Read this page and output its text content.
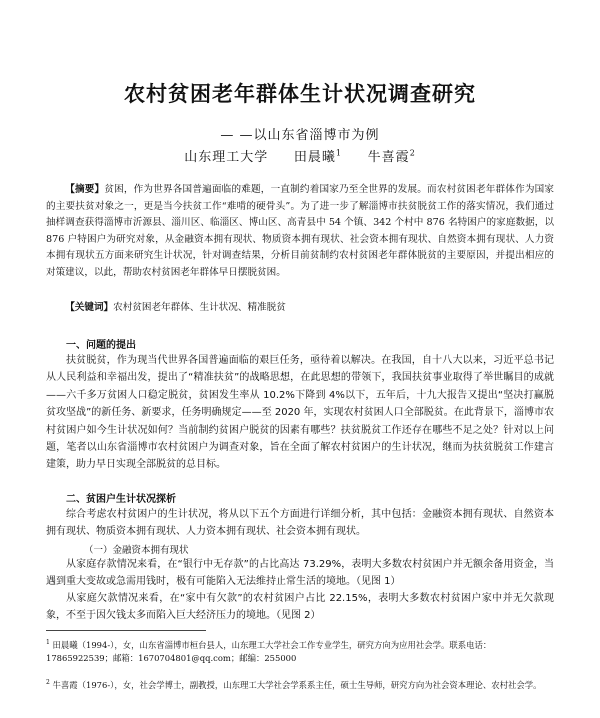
农村贫困老年群体生计状况调查研究
— —以山东省淄博市为例
山东理工大学 田晨曦$^1$ 牛喜霞$^2$
【摘要】贫困，作为世界各国普遍面临的难题，一直制约着国家乃至全世界的发展。而农村贫困老年群体作为国家的主要扶贫对象之一，更是当今扶贫工作“难啃的硬骨头”。为了进一步了解淄博市扶贫脱贫工作的落实情况，我们通过抽样调查获得淄博市沂源县、淄川区、临淄区、博山区、高青县中 54 个镇、342 个村中 876 名特困户的家庭数据，以 876 户特困户为研究对象，从金融资本拥有现状、物质资本拥有现状、社会资本拥有现状、自然资本拥有现状、人力资本拥有现状五方面来研究生计状况，针对调查结果，分析目前贫制约农村贫困老年群体脱贫的主要原因，并提出相应的对策建议，以此，帮助农村贫困老年群体早日摆脱贫困。
【关键词】农村贫困老年群体、生计状况、精准脱贫
一、问题的提出
扶贫脱贫，作为现当代世界各国普遍面临的艰巨任务，亟待着以解决。在我国，自十八大以来，习近平总书记从人民利益和幸福出发，提出了“精准扶贫”的战略思想，在此思想的带领下，我国扶贫事业取得了举世瞩目的成就——六千多万贫困人口稳定脱贫，贫困发生率从 10.2%下降到 4%以下，五年后，十九大报告又提出“坚决打赢脱贫攻坚战”的新任务、新要求，任务明确规定——至 2020 年，实现农村贫困人口全部脱贫。在此背景下，淄博市农村贫困户如今生计状况如何？当前制约贫困户脱贫的因素有哪些？扶贫脱贫工作还存在哪些不足之处？针对以上问题，笔者以山东省淄博市农村贫困户为调查对象，旨在全面了解农村贫困户的生计状况，继而为扶贫脱贫工作建言建策，助力早日实现全部脱贫的总目标。
二、贫困户生计状况探析
综合考虑农村贫困户的生计状况，将从以下五个方面进行详细分析，其中包括：金融资本拥有现状、自然资本拥有现状、物质资本拥有现状、人力资本拥有现状、社会资本拥有现状。
（一）金融资本拥有现状
从家庭存款情况来看，在“银行中无存款”的占比高达 73.29%，表明大多数农村贫困户并无额余备用资金，当遇到重大变故或急需用钱时，极有可能陷入无法维持止常生活的境地。（见图 1）
从家庭欠款情况来看，在“家中有欠款”的农村贫困户占比 22.15%，表明大多数农村贫困户家中并无欠款现象，不至于因欠钱太多而陷入巨大经济压力的境地。（见图 2）
$^1$ 田晨曦（1994-），女，山东省淄博市桓台县人，山东理工大学社会工作专业学生，研究方向为应用社会学。联系电话：17865922539；邮箱：1670704801@qq.com；邮编：255000
$^2$ 牛喜霞（1976-），女，社会学博士，副教授，山东理工大学社会学系系主任，硕士生导师，研究方向为社会资本理论、农村社会学。
